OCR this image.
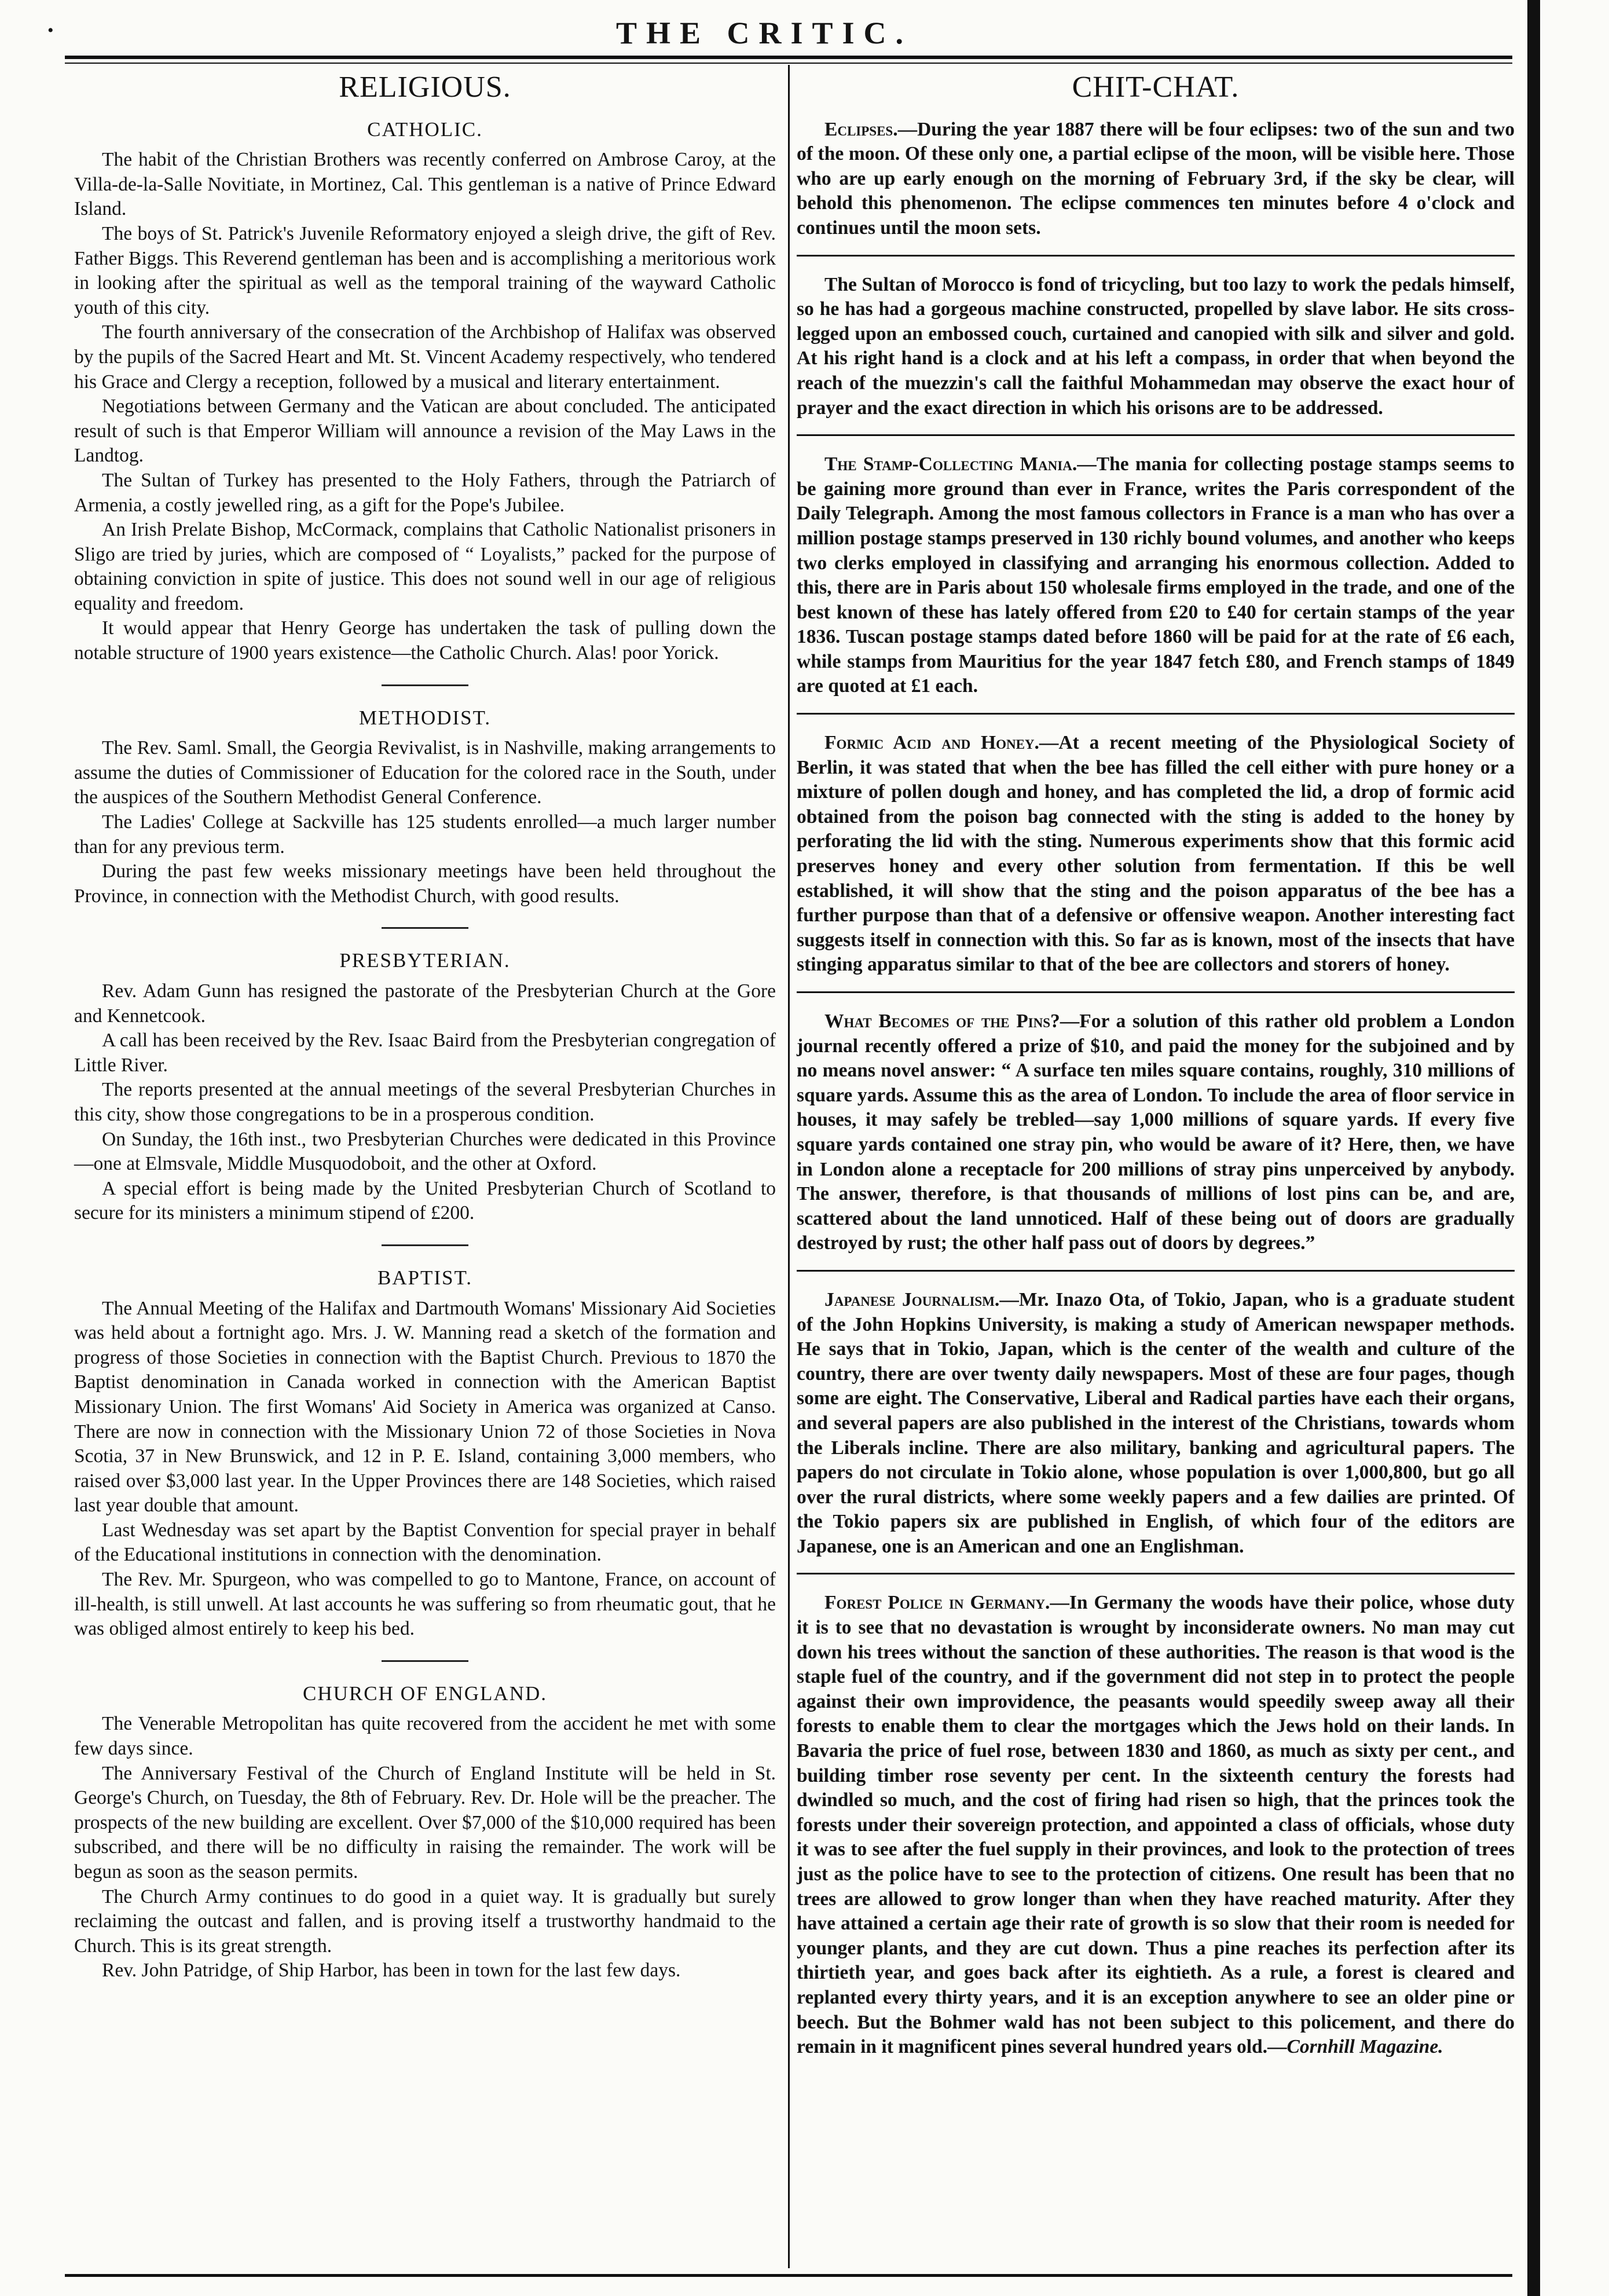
•	THE CRITIC.
RELIGIOUS.
CATHOLIC.

The habit of the Christian Brothers was recently conferred on Ambrose Caroy, at the Villa-de-la-Salle Novitiate, in Mortinez, Cal. This gentleman is a native of Prince Edward Island.

The boys of St. Patrick's Juvenile Reformatory enjoyed a sleigh drive, the gift of Rev. Father Biggs. This Reverend gentleman has been and is accomplishing a meritorious work in looking after the spiritual as well as the temporal training of the wayward Catholic youth of this city.

The fourth anniversary of the consecration of the Archbishop of Halifax was observed by the pupils of the Sacred Heart and Mt. St. Vincent Academy respectively, who tendered his Grace and Clergy a reception, followed by a musical and literary entertainment.

Negotiations between Germany and the Vatican are about concluded. The anticipated result of such is that Emperor William will announce a revision of the May Laws in the Landtog.

The Sultan of Turkey has presented to the Holy Fathers, through the Patriarch of Armenia, a costly jewelled ring, as a gift for the Pope's Jubilee.

An Irish Prelate Bishop, McCormack, complains that Catholic Nationalist prisoners in Sligo are tried by juries, which are composed of “ Loyalists,” packed for the purpose of obtaining conviction in spite of justice. This does not sound well in our age of religious equality and freedom.

It would appear that Henry George has undertaken the task of pulling down the notable structure of 1900 years existence—the Catholic Church. Alas! poor Yorick.

METHODIST.

The Rev. Saml. Small, the Georgia Revivalist, is in Nashville, making arrangements to assume the duties of Commissioner of Education for the colored race in the South, under the auspices of the Southern Methodist General Conference.

The Ladies' College at Sackville has 125 students enrolled—a much larger number than for any previous term.

During the past few weeks missionary meetings have been held throughout the Province, in connection with the Methodist Church, with good results.

PRESBYTERIAN.

Rev. Adam Gunn has resigned the pastorate of the Presbyterian Church at the Gore and Kennetcook.

A call has been received by the Rev. Isaac Baird from the Presbyterian congregation of Little River.

The reports presented at the annual meetings of the several Presbyterian Churches in this city, show those congregations to be in a prosperous condition.

On Sunday, the 16th inst., two Presbyterian Churches were dedicated in this Province—one at Elmsvale, Middle Musquodoboit, and the other at Oxford.

A special effort is being made by the United Presbyterian Church of Scotland to secure for its ministers a minimum stipend of £200.

BAPTIST.

The Annual Meeting of the Halifax and Dartmouth Womans' Missionary Aid Societies was held about a fortnight ago. Mrs. J. W. Manning read a sketch of the formation and progress of those Societies in connection with the Baptist Church. Previous to 1870 the Baptist denomination in Canada worked in connection with the American Baptist Missionary Union. The first Womans' Aid Society in America was organized at Canso. There are now in connection with the Missionary Union 72 of those Societies in Nova Scotia, 37 in New Brunswick, and 12 in P. E. Island, containing 3,000 members, who raised over $3,000 last year. In the Upper Provinces there are 148 Societies, which raised last year double that amount.

Last Wednesday was set apart by the Baptist Convention for special prayer in behalf of the Educational institutions in connection with the denomination.

The Rev. Mr. Spurgeon, who was compelled to go to Mantone, France, on account of ill-health, is still unwell. At last accounts he was suffering so from rheumatic gout, that he was obliged almost entirely to keep his bed.

CHURCH OF ENGLAND.

The Venerable Metropolitan has quite recovered from the accident he met with some few days since.

The Anniversary Festival of the Church of England Institute will be held in St. George's Church, on Tuesday, the 8th of February. Rev. Dr. Hole will be the preacher. The prospects of the new building are excellent. Over $7,000 of the $10,000 required has been subscribed, and there will be no difficulty in raising the remainder. The work will be begun as soon as the season permits.

The Church Army continues to do good in a quiet way. It is gradually but surely reclaiming the outcast and fallen, and is proving itself a trustworthy handmaid to the Church. This is its great strength.

Rev. John Patridge, of Ship Harbor, has been in town for the last few days.

CHIT-CHAT.

Eclipses.—During the year 1887 there will be four eclipses: two of the sun and two of the moon. Of these only one, a partial eclipse of the moon, will be visible here. Those who are up early enough on the morning of February 3rd, if the sky be clear, will behold this phenomenon. The eclipse commences ten minutes before 4 o'clock and continues until the moon sets.

The Sultan of Morocco is fond of tricycling, but too lazy to work the pedals himself, so he has had a gorgeous machine constructed, propelled by slave labor. He sits cross-legged upon an embossed couch, curtained and canopied with silk and silver and gold. At his right hand is a clock and at his left a compass, in order that when beyond the reach of the muezzin's call the faithful Mohammedan may observe the exact hour of prayer and the exact direction in which his orisons are to be addressed.

The Stamp-Collecting Mania.—The mania for collecting postage stamps seems to be gaining more ground than ever in France, writes the Paris correspondent of the Daily Telegraph. Among the most famous collectors in France is a man who has over a million postage stamps preserved in 130 richly bound volumes, and another who keeps two clerks employed in classifying and arranging his enormous collection. Added to this, there are in Paris about 150 wholesale firms employed in the trade, and one of the best known of these has lately offered from £20 to £40 for certain stamps of the year 1836. Tuscan postage stamps dated before 1860 will be paid for at the rate of £6 each, while stamps from Mauritius for the year 1847 fetch £80, and French stamps of 1849 are quoted at £1 each.

Formic Acid and Honey.—At a recent meeting of the Physiological Society of Berlin, it was stated that when the bee has filled the cell either with pure honey or a mixture of pollen dough and honey, and has completed the lid, a drop of formic acid obtained from the poison bag connected with the sting is added to the honey by perforating the lid with the sting. Numerous experiments show that this formic acid preserves honey and every other solution from fermentation. If this be well established, it will show that the sting and the poison apparatus of the bee has a further purpose than that of a defensive or offensive weapon. Another interesting fact suggests itself in connection with this. So far as is known, most of the insects that have stinging apparatus similar to that of the bee are collectors and storers of honey.

What Becomes of the Pins?—For a solution of this rather old problem a London journal recently offered a prize of $10, and paid the money for the subjoined and by no means novel answer: “ A surface ten miles square contains, roughly, 310 millions of square yards. Assume this as the area of London. To include the area of floor service in houses, it may safely be trebled—say 1,000 millions of square yards. If every five square yards contained one stray pin, who would be aware of it? Here, then, we have in London alone a receptacle for 200 millions of stray pins unperceived by anybody. The answer, therefore, is that thousands of millions of lost pins can be, and are, scattered about the land unnoticed. Half of these being out of doors are gradually destroyed by rust; the other half pass out of doors by degrees.”

Japanese Journalism.—Mr. Inazo Ota, of Tokio, Japan, who is a graduate student of the John Hopkins University, is making a study of American newspaper methods. He says that in Tokio, Japan, which is the center of the wealth and culture of the country, there are over twenty daily newspapers. Most of these are four pages, though some are eight. The Conservative, Liberal and Radical parties have each their organs, and several papers are also published in the interest of the Christians, towards whom the Liberals incline. There are also military, banking and agricultural papers. The papers do not circulate in Tokio alone, whose population is over 1,000,800, but go all over the rural districts, where some weekly papers and a few dailies are printed. Of the Tokio papers six are published in English, of which four of the editors are Japanese, one is an American and one an Englishman.

Forest Police in Germany.—In Germany the woods have their police, whose duty it is to see that no devastation is wrought by inconsiderate owners. No man may cut down his trees without the sanction of these authorities. The reason is that wood is the staple fuel of the country, and if the government did not step in to protect the people against their own improvidence, the peasants would speedily sweep away all their forests to enable them to clear the mortgages which the Jews hold on their lands. In Bavaria the price of fuel rose, between 1830 and 1860, as much as sixty per cent., and building timber rose seventy per cent. In the sixteenth century the forests had dwindled so much, and the cost of firing had risen so high, that the princes took the forests under their sovereign protection, and appointed a class of officials, whose duty it was to see after the fuel supply in their provinces, and look to the protection of trees just as the police have to see to the protection of citizens. One result has been that no trees are allowed to grow longer than when they have reached maturity. After they have attained a certain age their rate of growth is so slow that their room is needed for younger plants, and they are cut down. Thus a pine reaches its perfection after its thirtieth year, and goes back after its eightieth. As a rule, a forest is cleared and replanted every thirty years, and it is an exception anywhere to see an older pine or beech. But the Bohmer wald has not been subject to this policement, and there do remain in it magnificent pines several hundred years old.—Cornhill Magazine.
